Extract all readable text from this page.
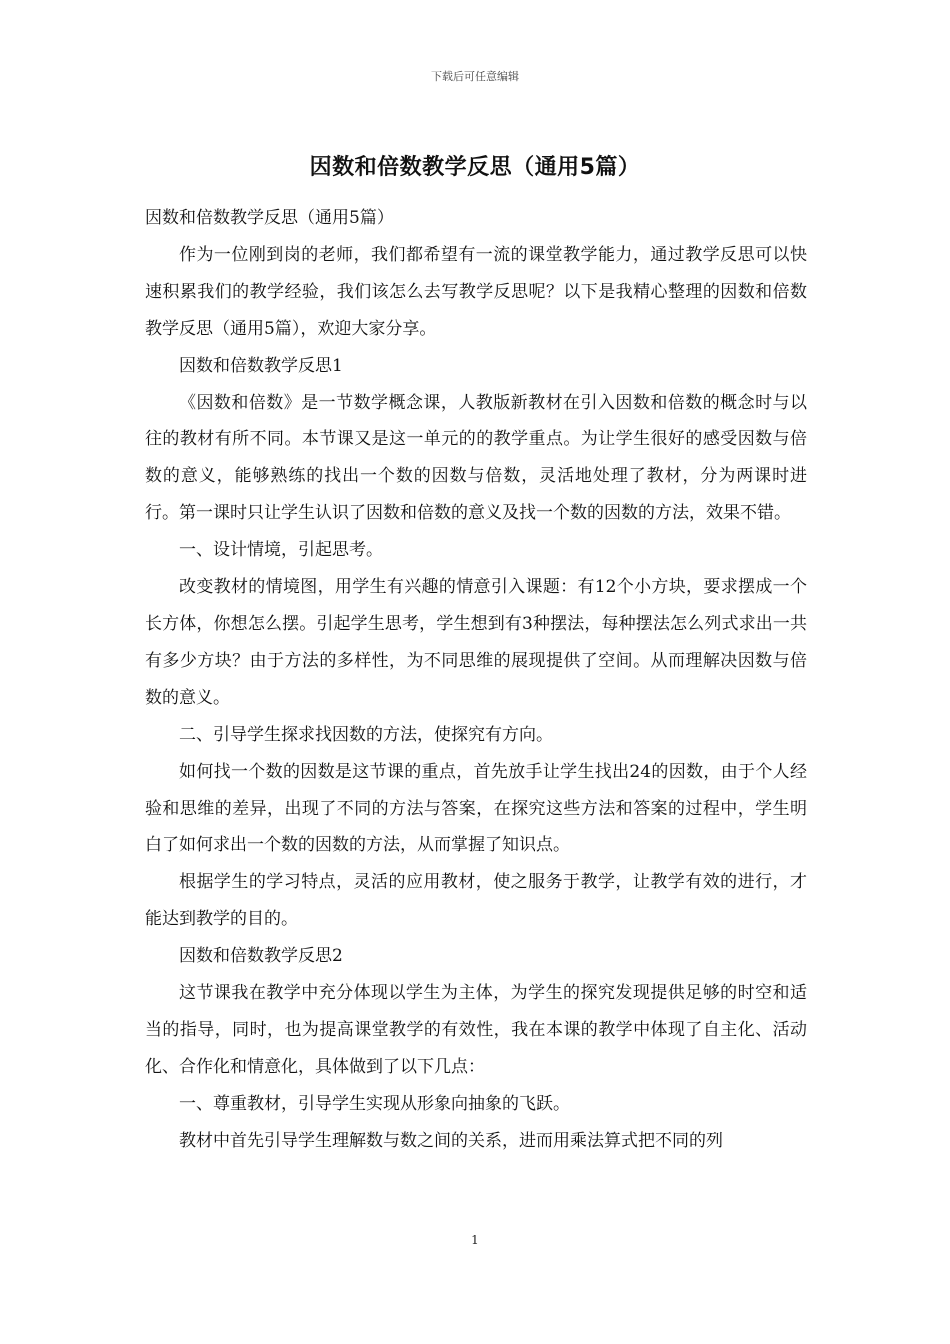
下载后可任意编辑
因数和倍数教学反思（通用5篇）

因数和倍数教学反思（通用5篇）

作为一位刚到岗的老师，我们都希望有一流的课堂教学能力，通过教学反思可以快速积累我们的教学经验，我们该怎么去写教学反思呢？以下是我精心整理的因数和倍数教学反思（通用5篇），欢迎大家分享。

因数和倍数教学反思1

《因数和倍数》是一节数学概念课，人教版新教材在引入因数和倍数的概念时与以往的教材有所不同。本节课又是这一单元的的教学重点。为让学生很好的感受因数与倍数的意义，能够熟练的找出一个数的因数与倍数，灵活地处理了教材，分为两课时进行。第一课时只让学生认识了因数和倍数的意义及找一个数的因数的方法，效果不错。

一、设计情境，引起思考。

改变教材的情境图，用学生有兴趣的情意引入课题：有12个小方块，要求摆成一个长方体，你想怎么摆。引起学生思考，学生想到有3种摆法，每种摆法怎么列式求出一共有多少方块？由于方法的多样性，为不同思维的展现提供了空间。从而理解决因数与倍数的意义。

二、引导学生探求找因数的方法，使探究有方向。

如何找一个数的因数是这节课的重点，首先放手让学生找出24的因数，由于个人经验和思维的差异，出现了不同的方法与答案，在探究这些方法和答案的过程中，学生明白了如何求出一个数的因数的方法，从而掌握了知识点。

根据学生的学习特点，灵活的应用教材，使之服务于教学，让教学有效的进行，才能达到教学的目的。

因数和倍数教学反思2

这节课我在教学中充分体现以学生为主体，为学生的探究发现提供足够的时空和适当的指导，同时，也为提高课堂教学的有效性，我在本课的教学中体现了自主化、活动化、合作化和情意化，具体做到了以下几点：

一、尊重教材，引导学生实现从形象向抽象的飞跃。

教材中首先引导学生理解数与数之间的关系，进而用乘法算式把不同的列

1
